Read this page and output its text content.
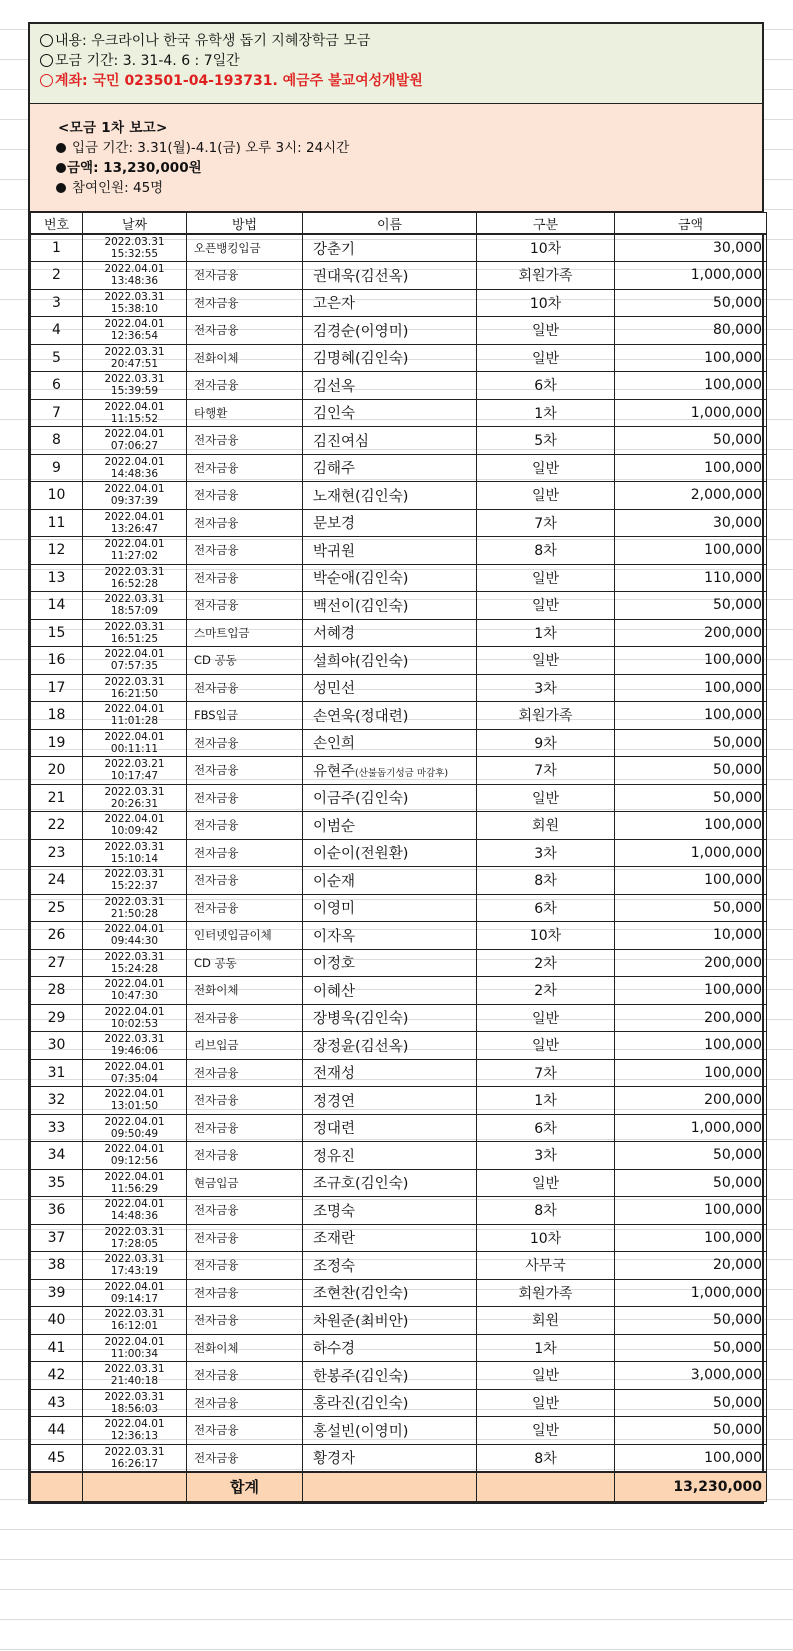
내용: 우크라이나 한국 유학생 돕기 지혜장학금 모금
모금 기간: 3. 31-4. 6 : 7일간
계좌: 국민 023501-04-193731. 예금주 불교여성개발원
<모금 1차 보고>
입금 기간: 3.31(월)-4.1(금) 오루 3시: 24시간
금액: 13,230,000원
참여인원: 45명
번호	날짜	방법	이름	구분	금액
1	2022.03.31
15:32:55	오픈뱅킹입금	강춘기	10차	30,000
2	2022.04.01
13:48:36	전자금융	권대욱(김선옥)	회원가족	1,000,000
3	2022.03.31
15:38:10	전자금융	고은자	10차	50,000
4	2022.04.01
12:36:54	전자금융	김경순(이영미)	일반	80,000
5	2022.03.31
20:47:51	전화이체	김명혜(김인숙)	일반	100,000
6	2022.03.31
15:39:59	전자금융	김선옥	6차	100,000
7	2022.04.01
11:15:52	타행환	김인숙	1차	1,000,000
8	2022.04.01
07:06:27	전자금융	김진여심	5차	50,000
9	2022.04.01
14:48:36	전자금융	김해주	일반	100,000
10	2022.04.01
09:37:39	전자금융	노재현(김인숙)	일반	2,000,000
11	2022.04.01
13:26:47	전자금융	문보경	7차	30,000
12	2022.04.01
11:27:02	전자금융	박귀원	8차	100,000
13	2022.03.31
16:52:28	전자금융	박순애(김인숙)	일반	110,000
14	2022.03.31
18:57:09	전자금융	백선이(김인숙)	일반	50,000
15	2022.03.31
16:51:25	스마트입금	서혜경	1차	200,000
16	2022.04.01
07:57:35	CD 공동	설희야(김인숙)	일반	100,000
17	2022.03.31
16:21:50	전자금융	성민선	3차	100,000
18	2022.04.01
11:01:28	FBS입금	손연욱(정대련)	회원가족	100,000
19	2022.04.01
00:11:11	전자금융	손인희	9차	50,000
20	2022.03.21
10:17:47	전자금융	유현주(산불돕기성금 마감후)	7차	50,000
21	2022.03.31
20:26:31	전자금융	이금주(김인숙)	일반	50,000
22	2022.04.01
10:09:42	전자금융	이범순	회원	100,000
23	2022.03.31
15:10:14	전자금융	이순이(전원환)	3차	1,000,000
24	2022.03.31
15:22:37	전자금융	이순재	8차	100,000
25	2022.03.31
21:50:28	전자금융	이영미	6차	50,000
26	2022.04.01
09:44:30	인터넷입금이체	이자옥	10차	10,000
27	2022.03.31
15:24:28	CD 공동	이정호	2차	200,000
28	2022.04.01
10:47:30	전화이체	이혜산	2차	100,000
29	2022.04.01
10:02:53	전자금융	장병욱(김인숙)	일반	200,000
30	2022.03.31
19:46:06	리브입금	장정윤(김선옥)	일반	100,000
31	2022.04.01
07:35:04	전자금융	전재성	7차	100,000
32	2022.04.01
13:01:50	전자금융	정경연	1차	200,000
33	2022.04.01
09:50:49	전자금융	정대련	6차	1,000,000
34	2022.04.01
09:12:56	전자금융	정유진	3차	50,000
35	2022.04.01
11:56:29	현금입금	조규호(김인숙)	일반	50,000
36	2022.04.01
14:48:36	전자금융	조명숙	8차	100,000
37	2022.03.31
17:28:05	전자금융	조재란	10차	100,000
38	2022.03.31
17:43:19	전자금융	조정숙	사무국	20,000
39	2022.04.01
09:14:17	전자금융	조현찬(김인숙)	회원가족	1,000,000
40	2022.03.31
16:12:01	전자금융	차원준(최비안)	회원	50,000
41	2022.04.01
11:00:34	전화이체	하수경	1차	50,000
42	2022.03.31
21:40:18	전자금융	한봉주(김인숙)	일반	3,000,000
43	2022.03.31
18:56:03	전자금융	홍라진(김인숙)	일반	50,000
44	2022.04.01
12:36:13	전자금융	홍설빈(이영미)	일반	50,000
45	2022.03.31
16:26:17	전자금융	황경자	8차	100,000
		합계			13,230,000
